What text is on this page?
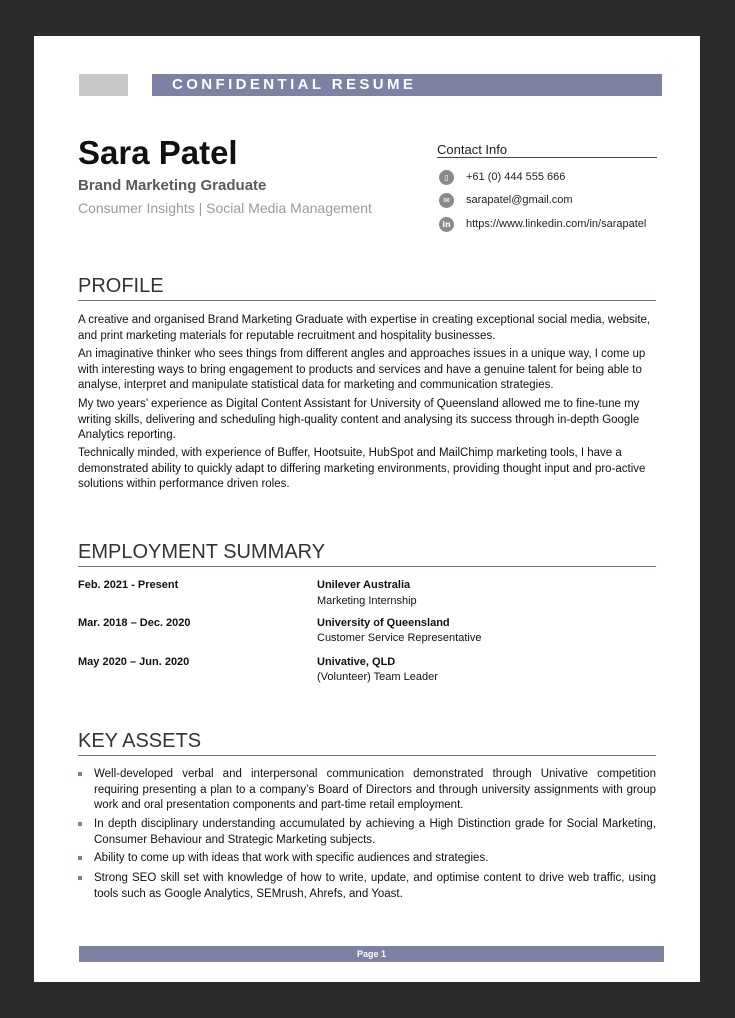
CONFIDENTIAL RESUME
Sara Patel
Brand Marketing Graduate
Consumer Insights | Social Media Management
Contact Info
▯	+61 (0) 444 555 666
✉	sarapatel@gmail.com
in https://www.linkedin.com/in/sarapatel
PROFILE

A creative and organised Brand Marketing Graduate with expertise in creating exceptional social media, website, and print marketing materials for reputable recruitment and hospitality businesses.

An imaginative thinker who sees things from different angles and approaches issues in a unique way, I come up with interesting ways to bring engagement to products and services and have a genuine talent for being able to analyse, interpret and manipulate statistical data for marketing and communication strategies.

My two years’ experience as Digital Content Assistant for University of Queensland allowed me to fine-tune my writing skills, delivering and scheduling high-quality content and analysing its success through in-depth Google Analytics reporting.

Technically minded, with experience of Buffer, Hootsuite, HubSpot and MailChimp marketing tools, I have a demonstrated ability to quickly adapt to differing marketing environments, providing thought input and pro-active solutions within performance driven roles.

EMPLOYMENT SUMMARY
Feb. 2021 - Present	Unilever Australia
Marketing Internship
Mar. 2018 – Dec. 2020	University of Queensland
Customer Service Representative
May 2020 – Jun. 2020	Univative, QLD
(Volunteer) Team Leader
KEY ASSETS
Well-developed verbal and interpersonal communication demonstrated through Univative competition requiring presenting a plan to a company’s Board of Directors and through university assignments with group work and oral presentation components and part-time retail employment.
In depth disciplinary understanding accumulated by achieving a High Distinction grade for Social Marketing, Consumer Behaviour and Strategic Marketing subjects.
Ability to come up with ideas that work with specific audiences and strategies.
Strong SEO skill set with knowledge of how to write, update, and optimise content to drive web traffic, using tools such as Google Analytics, SEMrush, Ahrefs, and Yoast.
Page 1
